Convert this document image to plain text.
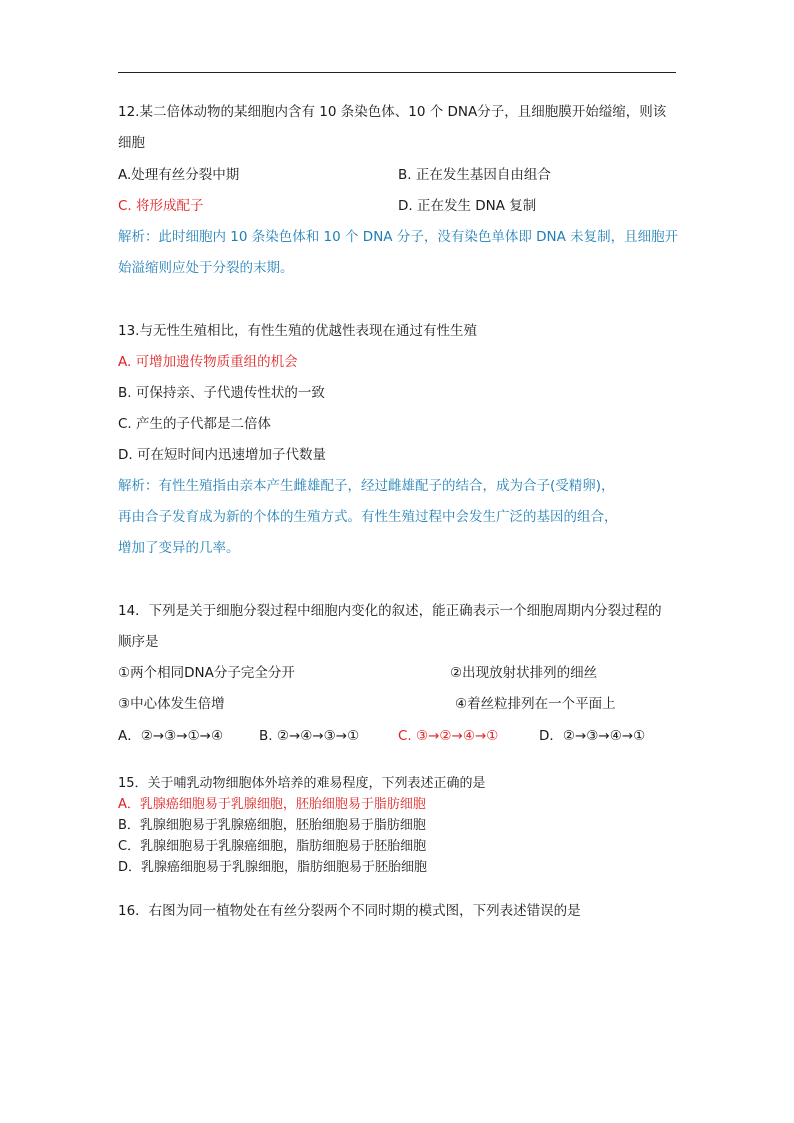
12.某二倍体动物的某细胞内含有 10 条染色体、10 个 DNA分子，且细胞膜开始缢缩，则该
细胞
A.处理有丝分裂中期	B. 正在发生基因自由组合
C. 将形成配子	D. 正在发生 DNA 复制
解析：此时细胞内 10 条染色体和 10 个 DNA 分子，没有染色单体即 DNA 未复制，且细胞开
始溢缩则应处于分裂的末期。
13.与无性生殖相比，有性生殖的优越性表现在通过有性生殖
A. 可增加遗传物质重组的机会
B. 可保持亲、子代遗传性状的一致
C. 产生的子代都是二倍体
D. 可在短时间内迅速增加子代数量
解析：有性生殖指由亲本产生雌雄配子，经过雌雄配子的结合，成为合子(受精卵)，
再由合子发育成为新的个体的生殖方式。有性生殖过程中会发生广泛的基因的组合，
增加了变异的几率。
14．下列是关于细胞分裂过程中细胞内变化的叙述，能正确表示一个细胞周期内分裂过程的
顺序是
①两个相同DNA分子完全分开	②出现放射状排列的细丝
③中心体发生倍增	④着丝粒排列在一个平面上
A．②→③→①→④	B. ②→④→③→①	C. ③→②→④→①	D．②→③→④→①
15．关于哺乳动物细胞体外培养的难易程度，下列表述正确的是
A．乳腺癌细胞易于乳腺细胞，胚胎细胞易于脂肪细胞
B．乳腺细胞易于乳腺癌细胞，胚胎细胞易于脂肪细胞
C．乳腺细胞易于乳腺癌细胞，脂肪细胞易于胚胎细胞
D．乳腺癌细胞易于乳腺细胞，脂肪细胞易于胚胎细胞
16．右图为同一植物处在有丝分裂两个不同时期的模式图，下列表述错误的是
